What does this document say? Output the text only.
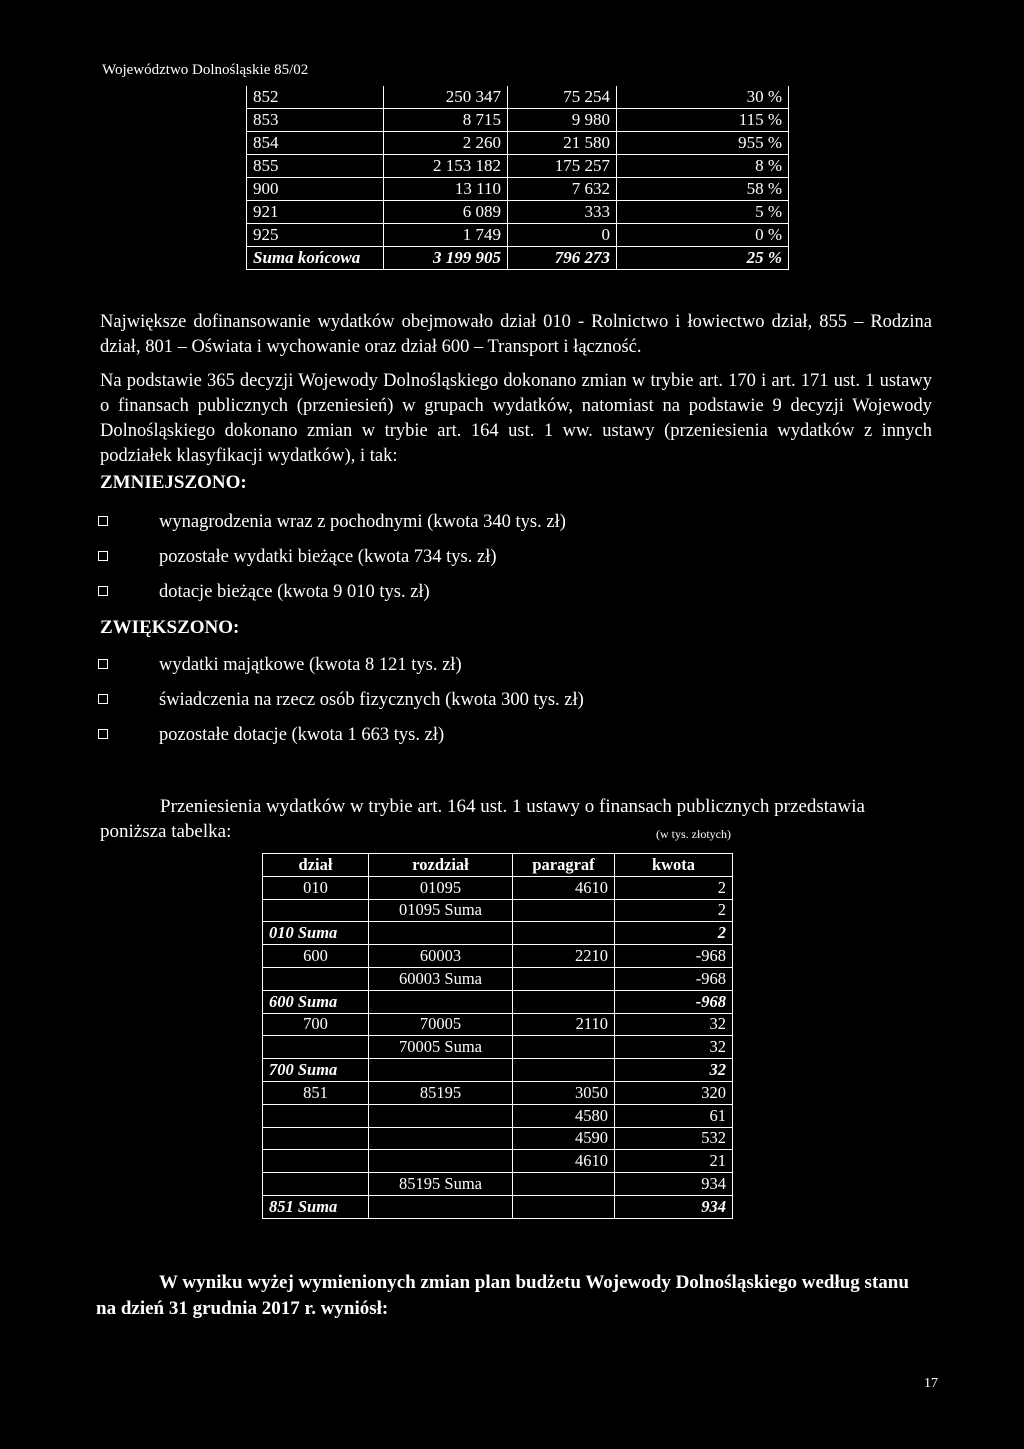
Województwo Dolnośląskie 85/02
852	250 347	75 254	30 %
853	8 715	9 980	115 %
854	2 260	21 580	955 %
855	2 153 182	175 257	8 %
900	13 110	7 632	58 %
921	6 089	333	5 %
925	1 749	0	0 %
Suma końcowa	3 199 905	796 273	25 %
Największe dofinansowanie wydatków obejmowało dział 010 - Rolnictwo i łowiectwo dział, 855 – Rodzina dział, 801 – Oświata i wychowanie oraz dział 600 – Transport i łączność.
Na podstawie 365 decyzji Wojewody Dolnośląskiego dokonano zmian w trybie art. 170 i art. 171 ust. 1 ustawy o finansach publicznych (przeniesień) w grupach wydatków, natomiast na podstawie 9 decyzji Wojewody Dolnośląskiego dokonano zmian w trybie art. 164 ust. 1 ww. ustawy (przeniesienia wydatków z innych podziałek klasyfikacji wydatków), i tak:
ZMNIEJSZONO:
wynagrodzenia wraz z pochodnymi (kwota 340 tys. zł)
pozostałe wydatki bieżące (kwota 734 tys. zł)
dotacje bieżące (kwota 9 010 tys. zł)
ZWIĘKSZONO:
wydatki majątkowe (kwota 8 121 tys. zł)
świadczenia na rzecz osób fizycznych (kwota 300 tys. zł)
pozostałe dotacje (kwota 1 663 tys. zł)
Przeniesienia wydatków w trybie art. 164 ust. 1 ustawy o finansach publicznych przedstawia
poniższa tabelka:	(w tys. złotych)
dział	rozdział	paragraf	kwota
010	01095	4610	2
	01095 Suma		2
010 Suma			2
600	60003	2210	-968
	60003 Suma		-968
600 Suma			-968
700	70005	2110	32
	70005 Suma		32
700 Suma			32
851	85195	3050	320
		4580	61
		4590	532
		4610	21
	85195 Suma		934
851 Suma			934
W wyniku wyżej wymienionych zmian plan budżetu Wojewody Dolnośląskiego według stanu na dzień 31 grudnia 2017 r. wyniósł:
17
